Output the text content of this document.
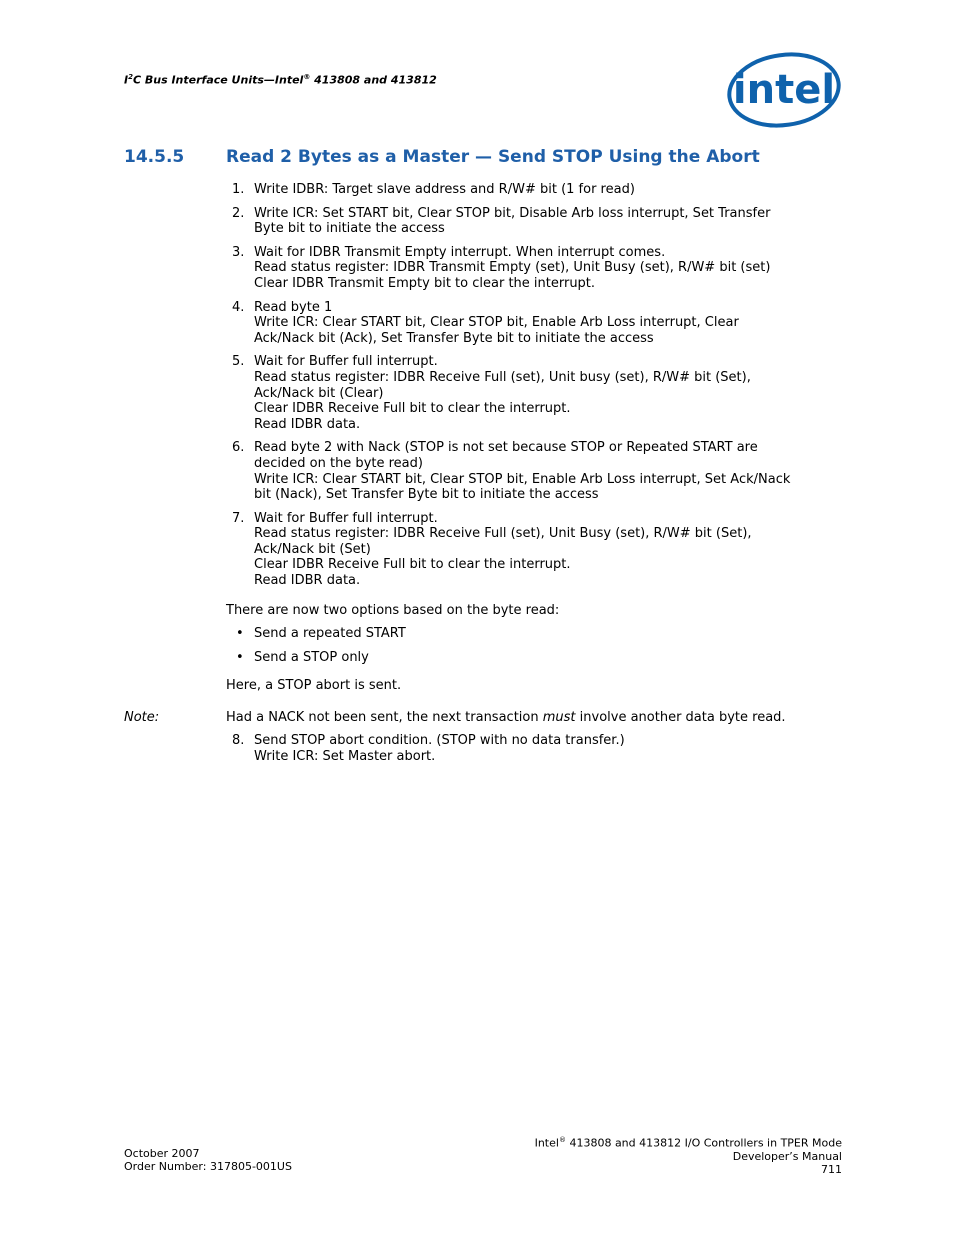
$I^2C$ Bus Interface Units—Intel® 413808 and 413812	intel
14.5.5 Read 2 Bytes as a Master — Send STOP Using the Abort
1. Write IDBR: Target slave address and R/W# bit (1 for read)
2. Write ICR: Set START bit, Clear STOP bit, Disable Arb loss interrupt, Set Transfer
Byte bit to initiate the access
3. Wait for IDBR Transmit Empty interrupt. When interrupt comes.
Read status register: IDBR Transmit Empty (set), Unit Busy (set), R/W# bit (set)
Clear IDBR Transmit Empty bit to clear the interrupt.
4. Read byte 1
Write ICR: Clear START bit, Clear STOP bit, Enable Arb Loss interrupt, Clear
Ack/Nack bit (Ack), Set Transfer Byte bit to initiate the access
5. Wait for Buffer full interrupt.
Read status register: IDBR Receive Full (set), Unit busy (set), R/W# bit (Set),
Ack/Nack bit (Clear)
Clear IDBR Receive Full bit to clear the interrupt.
Read IDBR data.
6. Read byte 2 with Nack (STOP is not set because STOP or Repeated START are
decided on the byte read)
Write ICR: Clear START bit, Clear STOP bit, Enable Arb Loss interrupt, Set Ack/Nack
bit (Nack), Set Transfer Byte bit to initiate the access
7. Wait for Buffer full interrupt.
Read status register: IDBR Receive Full (set), Unit Busy (set), R/W# bit (Set),
Ack/Nack bit (Set)
Clear IDBR Receive Full bit to clear the interrupt.
Read IDBR data.
There are now two options based on the byte read:
• Send a repeated START
• Send a STOP only
Here, a STOP abort is sent.
Note:	Had a NACK not been sent, the next transaction must involve another data byte read.
8. Send STOP abort condition. (STOP with no data transfer.)
Write ICR: Set Master abort.
October 2007
Order Number: 317805-001US
Intel® 413808 and 413812 I/O Controllers in TPER Mode
Developer’s Manual
711
